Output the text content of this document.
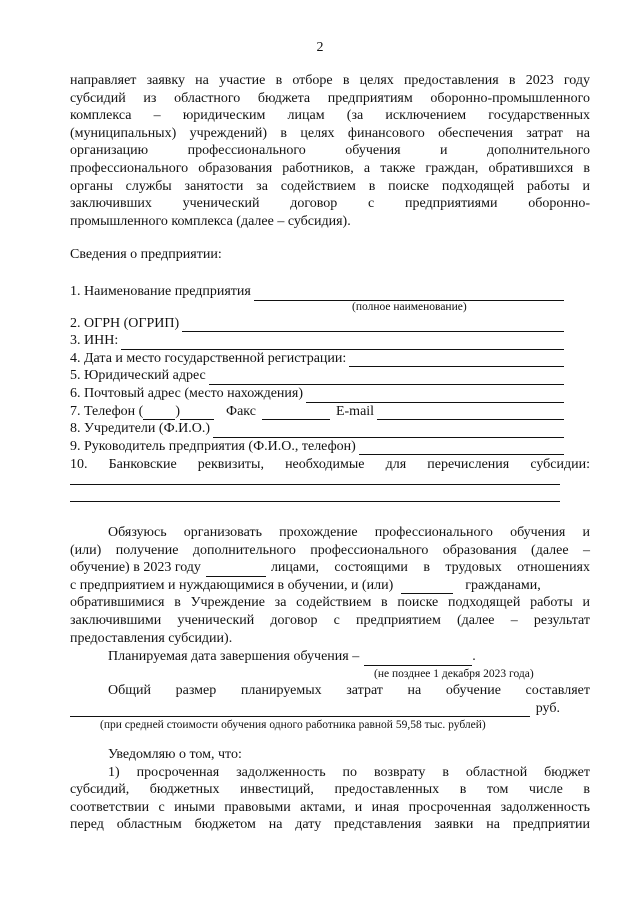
2
направляет заявку на участие в отборе в целях предоставления в 2023 году
субсидий из областного бюджета предприятиям оборонно-промышленного
комплекса – юридическим лицам (за исключением государственных
(муниципальных) учреждений) в целях финансового обеспечения затрат на
организацию профессионального обучения и дополнительного
профессионального образования работников, а также граждан, обратившихся в
органы службы занятости за содействием в поиске подходящей работы и
заключивших ученический договор с предприятиями оборонно-
промышленного комплекса (далее – субсидия).
Сведения о предприятии:
1. Наименование предприятия
(полное наименование)
2. ОГРН (ОГРИП)
3. ИНН:
4. Дата и место государственной регистрации:
5. Юридический адрес
6. Почтовый адрес (место нахождения)
7. Телефон ( )	Факс	E-mail
8. Учредители (Ф.И.О.)
9. Руководитель предприятия (Ф.И.О., телефон)
10. Банковские реквизиты, необходимые для перечисления субсидии:
Обязуюсь организовать прохождение профессионального обучения и
(или) получение дополнительного профессионального образования (далее –
обучение) в 2023 году	лицами, состоящими в трудовых отношениях
с предприятием и нуждающимися в обучении, и (или)	гражданами,
обратившимися в Учреждение за содействием в поиске подходящей работы и
заключившими ученический договор с предприятием (далее – результат
предоставления субсидии).
Планируемая дата завершения обучения –	.
(не позднее 1 декабря 2023 года)
Общий размер планируемых затрат на обучение составляет
руб.
(при средней стоимости обучения одного работника равной 59,58 тыс. рублей)
Уведомляю о том, что:
1) просроченная задолженность по возврату в областной бюджет
субсидий, бюджетных инвестиций, предоставленных в том числе в
соответствии с иными правовыми актами, и иная просроченная задолженность
перед областным бюджетом на дату представления заявки на предприятии
